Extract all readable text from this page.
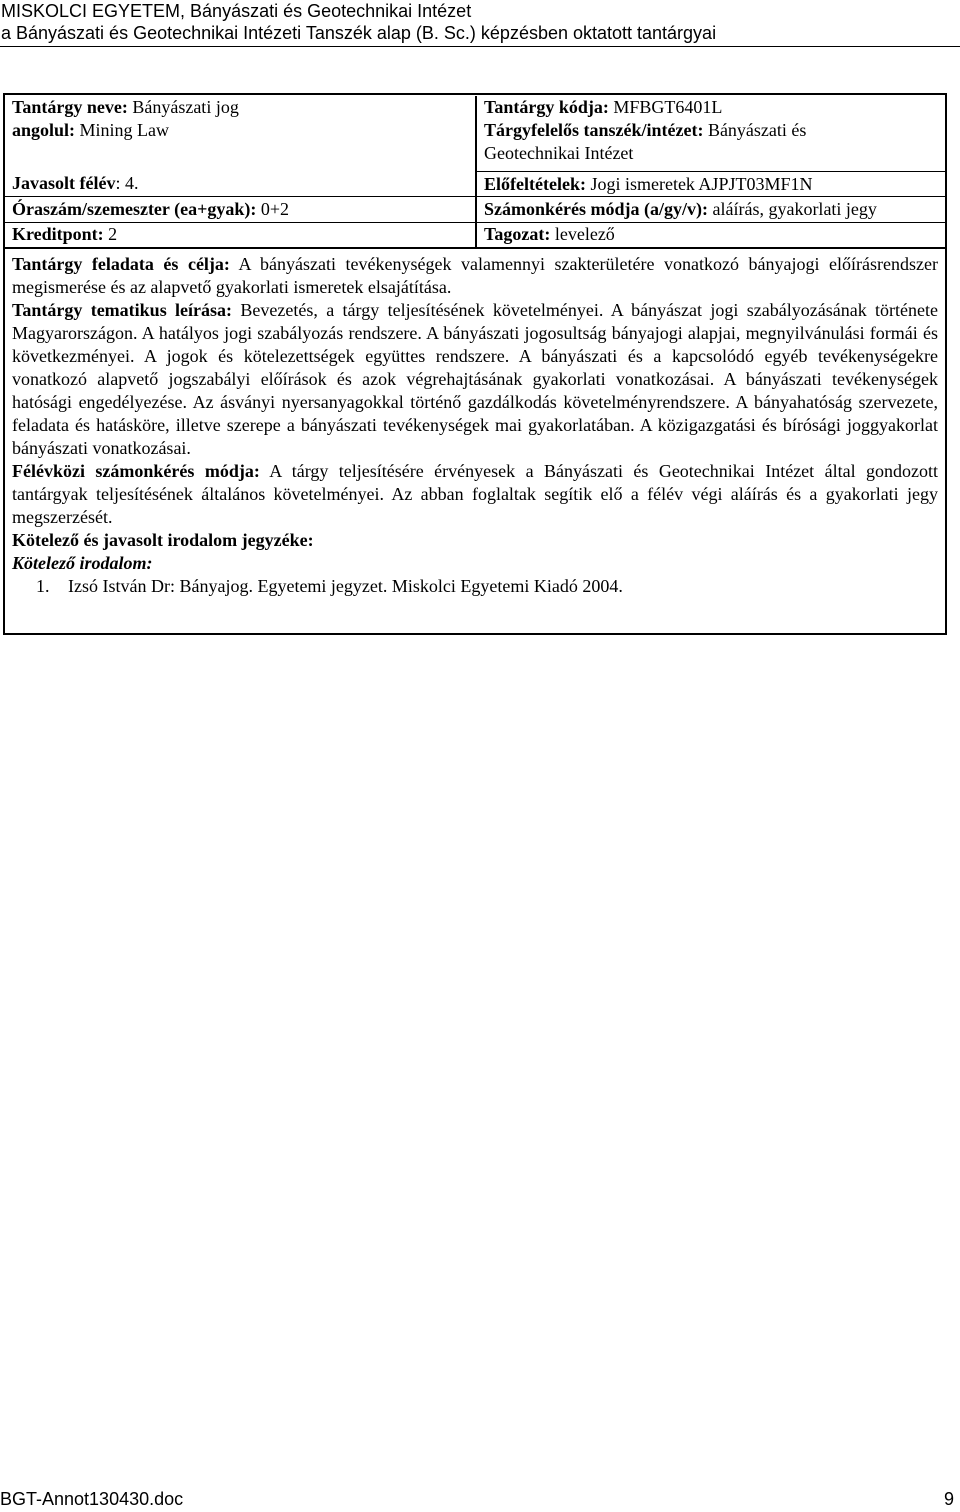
MISKOLCI EGYETEM, Bányászati és Geotechnikai Intézet
a Bányászati és Geotechnikai Intézeti Tanszék alap (B. Sc.) képzésben oktatott tantárgyai
Tantárgy neve: Bányászati jog
angolul: Mining Law
Tantárgy kódja: MFBGT6401L
Tárgyfelelős tanszék/intézet: Bányászati és
Geotechnikai Intézet
Javasolt félév: 4.	Előfeltételek: Jogi ismeretek AJPJT03MF1N
Óraszám/szemeszter (ea+gyak): 0+2	Számonkérés módja (a/gy/v): aláírás, gyakorlati jegy
Kreditpont: 2	Tagozat: levelező

Tantárgy feladata és célja: A bányászati tevékenységek valamennyi szakterületére vonatkozó bányajogi előírásrendszer megismerése és az alapvető gyakorlati ismeretek elsajátítása.

Tantárgy tematikus leírása: Bevezetés, a tárgy teljesítésének követelményei. A bányászat jogi szabályozásának története Magyarországon. A hatályos jogi szabályozás rendszere. A bányászati jogosultság bányajogi alapjai, megnyilvánulási formái és következményei. A jogok és kötelezettségek együttes rendszere. A bányászati és a kapcsolódó egyéb tevékenységekre vonatkozó alapvető jogszabályi előírások és azok végrehajtásának gyakorlati vonatkozásai. A bányászati tevékenységek hatósági engedélyezése. Az ásványi nyersanyagokkal történő gazdálkodás követelményrendszere. A bányahatóság szervezete, feladata és hatásköre, illetve szerepe a bányászati tevékenységek mai gyakorlatában. A közigazgatási és bírósági joggyakorlat bányászati vonatkozásai.

Félévközi számonkérés módja: A tárgy teljesítésére érvényesek a Bányászati és Geotechnikai Intézet által gondozott tantárgyak teljesítésének általános követelményei. Az abban foglaltak segítik elő a félév végi aláírás és a gyakorlati jegy megszerzését.

Kötelező és javasolt irodalom jegyzéke:

Kötelező irodalom:

1. Izsó István Dr: Bányajog. Egyetemi jegyzet. Miskolci Egyetemi Kiadó 2004.
BGT-Annot130430.doc	9
